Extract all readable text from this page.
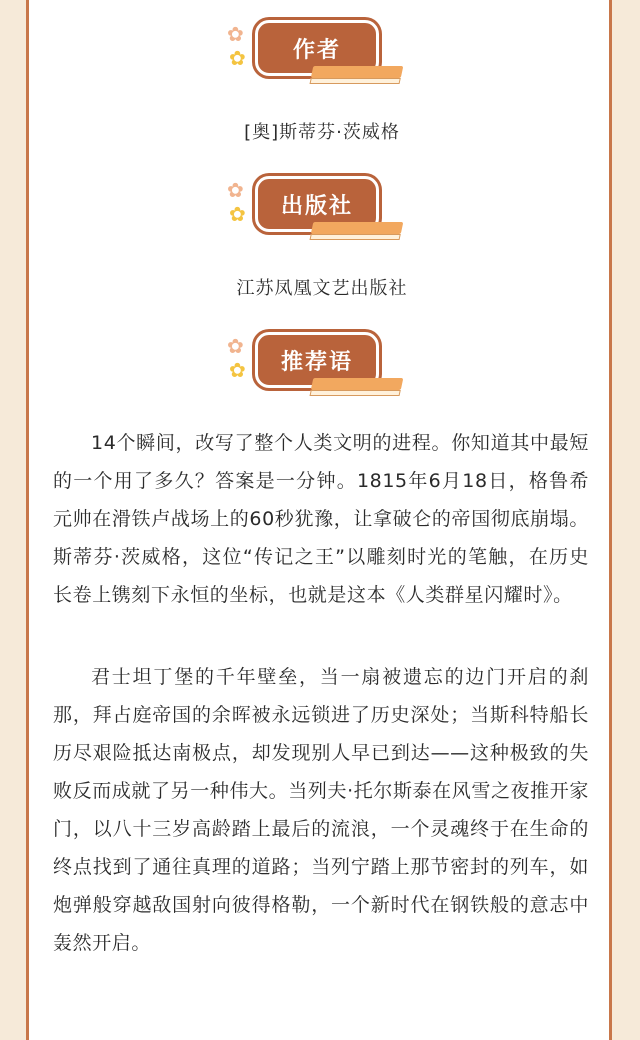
✿
✿	作者
[奥]斯蒂芬·茨威格
✿
✿	出版社
江苏凤凰文艺出版社
✿
✿	推荐语

14个瞬间，改写了整个人类文明的进程。你知道其中最短的一个用了多久？答案是一分钟。1815年6月18日，格鲁希元帅在滑铁卢战场上的60秒犹豫，让拿破仑的帝国彻底崩塌。斯蒂芬·茨威格，这位“传记之王”以雕刻时光的笔触，在历史长卷上镌刻下永恒的坐标，也就是这本《人类群星闪耀时》。

君士坦丁堡的千年壁垒，当一扇被遗忘的边门开启的刹那，拜占庭帝国的余晖被永远锁进了历史深处；当斯科特船长历尽艰险抵达南极点，却发现别人早已到达——这种极致的失败反而成就了另一种伟大。当列夫·托尔斯泰在风雪之夜推开家门，以八十三岁高龄踏上最后的流浪，一个灵魂终于在生命的终点找到了通往真理的道路；当列宁踏上那节密封的列车，如炮弹般穿越敌国射向彼得格勒，一个新时代在钢铁般的意志中轰然开启。
